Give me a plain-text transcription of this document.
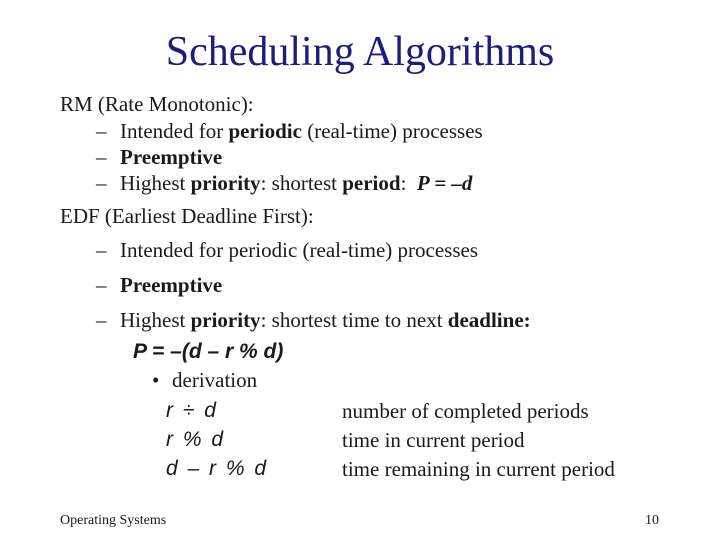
Scheduling Algorithms
RM (Rate Monotonic):
– Intended for periodic (real-time) processes
– Preemptive
– Highest priority: shortest period:  P = –d
EDF (Earliest Deadline First):
– Intended for periodic (real-time) processes
– Preemptive
– Highest priority: shortest time to next deadline:
P = –(d – r % d)
• derivation
r ÷ d	number of completed periods
r % d	time in current period
d – r % d	time remaining in current period
Operating Systems	10
